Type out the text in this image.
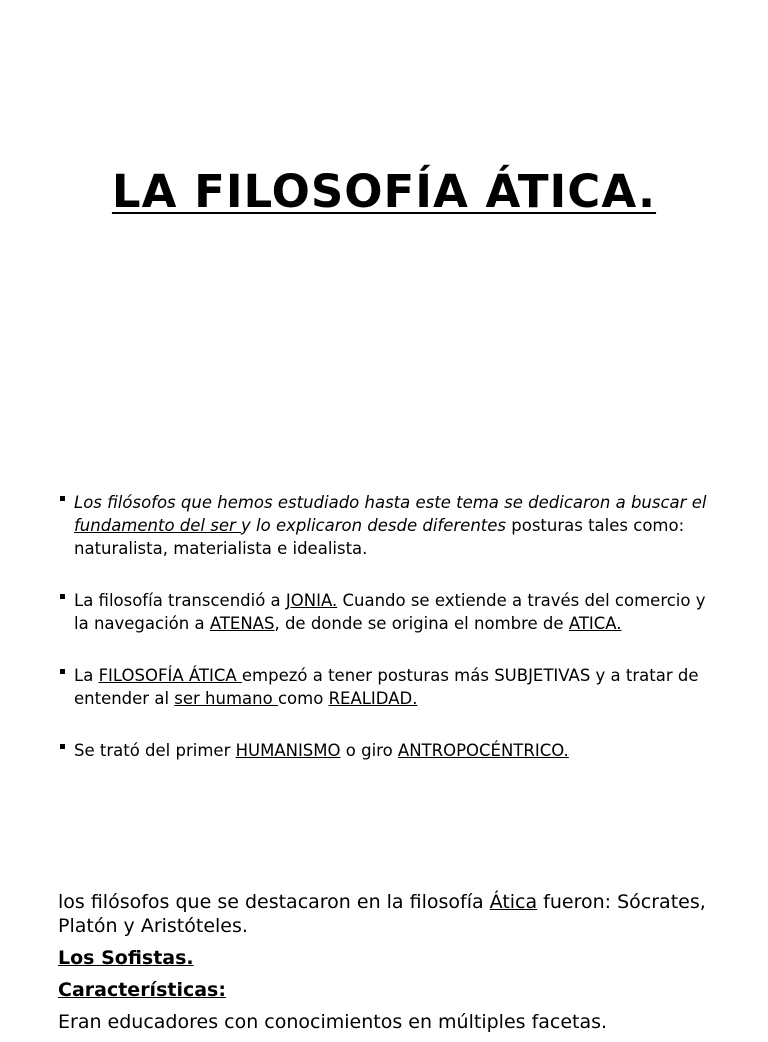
LA FILOSOFÍA ÁTICA.
Los filósofos que hemos estudiado hasta este tema se dedicaron a buscar el fundamento del ser y lo explicaron desde diferentes posturas tales como: naturalista, materialista e idealista.
La filosofía transcendió a JONIA. Cuando se extiende a través del comercio y la navegación a ATENAS, de donde se origina el nombre de ATICA.
La FILOSOFÍA ÁTICA empezó a tener posturas más SUBJETIVAS y a tratar de entender al ser humano como REALIDAD.
Se trató del primer HUMANISMO o giro ANTROPOCÉNTRICO.

los filósofos que se destacaron en la filosofía Ática fueron: Sócrates, Platón y Aristóteles.

Los Sofistas.

Características:

Eran educadores con conocimientos en múltiples facetas.
